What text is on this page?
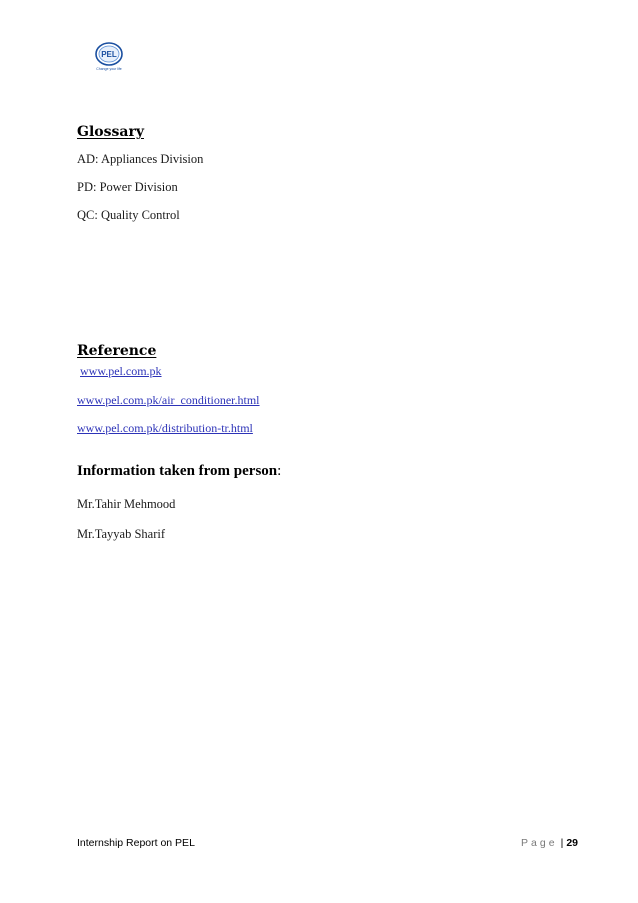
PEL
Change your life
Glossary

AD: Appliances Division

PD: Power Division

QC: Quality Control

Reference
www.pel.com.pk
www.pel.com.pk/air_conditioner.html
www.pel.com.pk/distribution-tr.html

Information taken from person:

Mr.Tahir Mehmood

Mr.Tayyab Sharif

Internship Report on PEL	Page | 29
